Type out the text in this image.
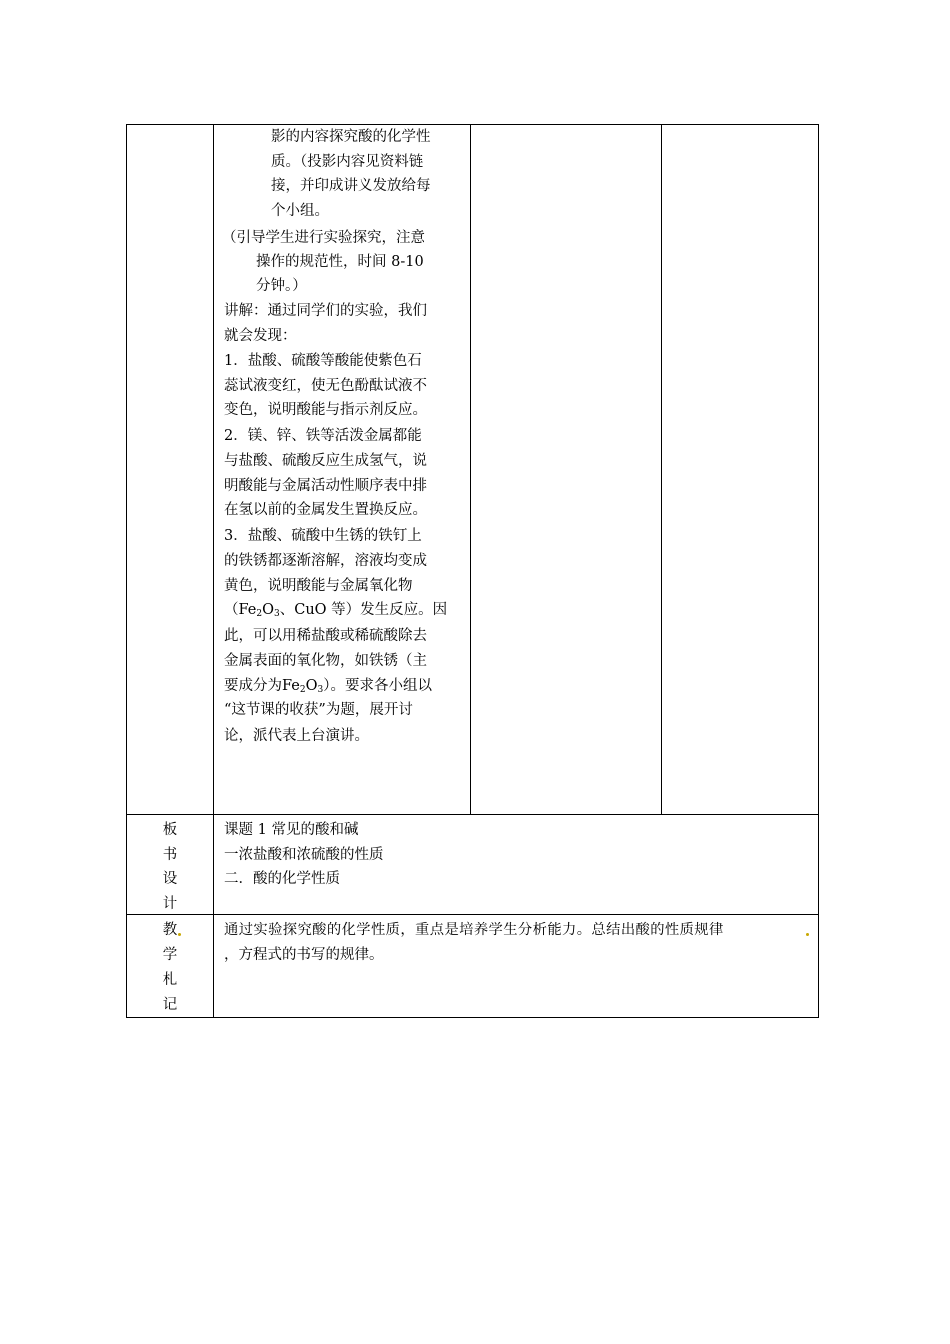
影的内容探究酸的化学性
质。（投影内容见资料链
接，并印成讲义发放给每
个小组。
（引导学生进行实验探究，注意
操作的规范性，时间 8-10
分钟。）
讲解：通过同学们的实验，我们
就会发现：
1．盐酸、硫酸等酸能使紫色石
蕊试液变红，使无色酚酞试液不
变色，说明酸能与指示剂反应。
2．镁、锌、铁等活泼金属都能
与盐酸、硫酸反应生成氢气，说
明酸能与金属活动性顺序表中排
在氢以前的金属发生置换反应。
3．盐酸、硫酸中生锈的铁钉上
的铁锈都逐渐溶解，溶液均变成
黄色，说明酸能与金属氧化物
（$Fe_2O_3$、CuO 等）发生反应。因
此，可以用稀盐酸或稀硫酸除去
金属表面的氧化物，如铁锈（主
要成分为$Fe_2O_3$）。要求各小组以
“这节课的收获”为题，展开讨
论，派代表上台演讲。
板
书
设
计
课题 1 常见的酸和碱
一浓盐酸和浓硫酸的性质
二．酸的化学性质
教
学
札
记
通过实验探究酸的化学性质，重点是培养学生分析能力。总结出酸的性质规律
，方程式的书写的规律。
